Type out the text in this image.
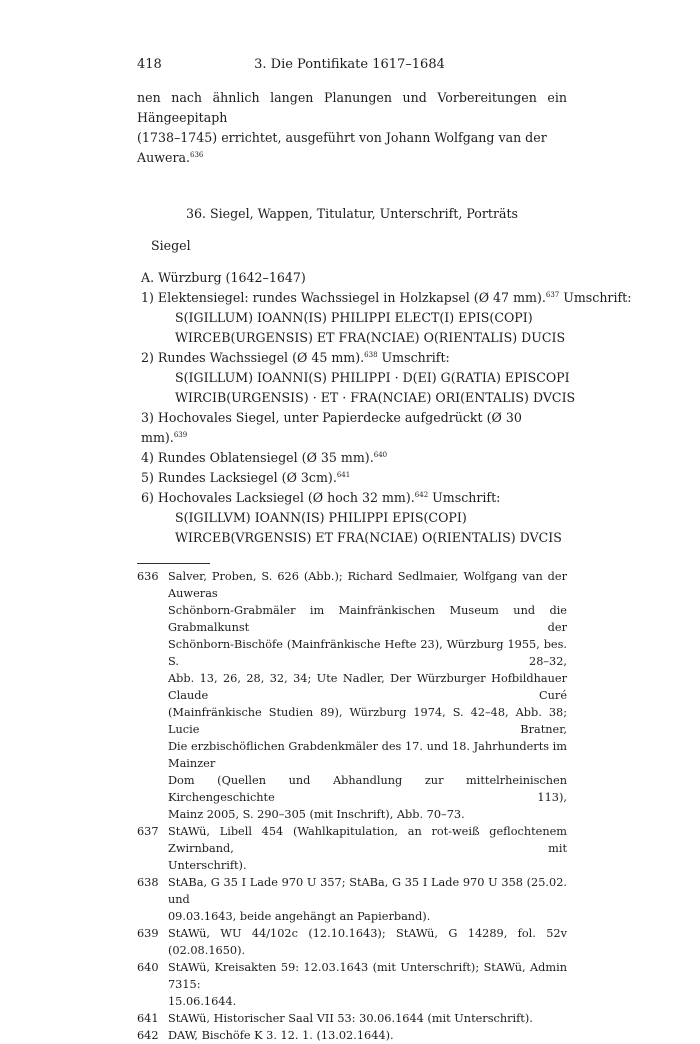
418	3. Die Pontifikate 1617–1684

nen nach ähnlich langen Planungen und Vorbereitungen ein Hängeepitaph

(1738–1745) errichtet, ausgeführt von Johann Wolfgang van der Auwera.$^{636}$

36. Siegel, Wappen, Titulatur, Unterschrift, Porträts

Siegel

A. Würzburg (1642–1647)

1) Elektensiegel: rundes Wachssiegel in Holzkapsel (Ø 47 mm).$^{637}$ Umschrift:

S(IGILLUM) IOANN(IS) PHILIPPI ELECT(I) EPIS(COPI)

WIRCEB(URGENSIS) ET FRA(NCIAE) O(RIENTALIS) DUCIS

2) Rundes Wachssiegel (Ø 45 mm).$^{638}$ Umschrift:

S(IGILLUM) IOANNI(S) PHILIPPI · D(EI) G(RATIA) EPISCOPI

WIRCIB(URGENSIS) · ET · FRA(NCIAE) ORI(ENTALIS) DVCIS

3) Hochovales Siegel, unter Papierdecke aufgedrückt (Ø 30 mm).$^{639}$

4) Rundes Oblatensiegel (Ø 35 mm).$^{640}$

5) Rundes Lacksiegel (Ø 3cm).$^{641}$

6) Hochovales Lacksiegel (Ø hoch 32 mm).$^{642}$ Umschrift:

S(IGILLVM) IOANN(IS) PHILIPPI EPIS(COPI)

WIRCEB(VRGENSIS) ET FRA(NCIAE) O(RIENTALIS) DVCIS

636 Salver, Proben, S. 626 (Abb.); Richard Sedlmaier, Wolfgang van der Auweras
Schönborn-Grabmäler im Mainfränkischen Museum und die Grabmalkunst der
Schönborn-Bischöfe (Mainfränkische Hefte 23), Würzburg 1955, bes. S. 28–32,
Abb. 13, 26, 28, 32, 34; Ute Nadler, Der Würzburger Hofbildhauer Claude Curé
(Mainfränkische Studien 89), Würzburg 1974, S. 42–48, Abb. 38; Lucie Bratner,
Die erzbischöflichen Grabdenkmäler des 17. und 18. Jahrhunderts im Mainzer
Dom (Quellen und Abhandlung zur mittelrheinischen Kirchengeschichte 113),
Mainz 2005, S. 290–305 (mit Inschrift), Abb. 70–73.
637 StAWü, Libell 454 (Wahlkapitulation, an rot-weiß geflochtenem Zwirnband, mit
Unterschrift).
638 StABa, G 35 I Lade 970 U 357; StABa, G 35 I Lade 970 U 358 (25.02. und
09.03.1643, beide angehängt an Papierband).
639 StAWü, WU 44/102c (12.10.1643); StAWü, G 14289, fol. 52v (02.08.1650).
640 StAWü, Kreisakten 59: 12.03.1643 (mit Unterschrift); StAWü, Admin 7315:
15.06.1644.
641 StAWü, Historischer Saal VII 53: 30.06.1644 (mit Unterschrift).
642 DAW, Bischöfe K 3. 12. 1. (13.02.1644).
